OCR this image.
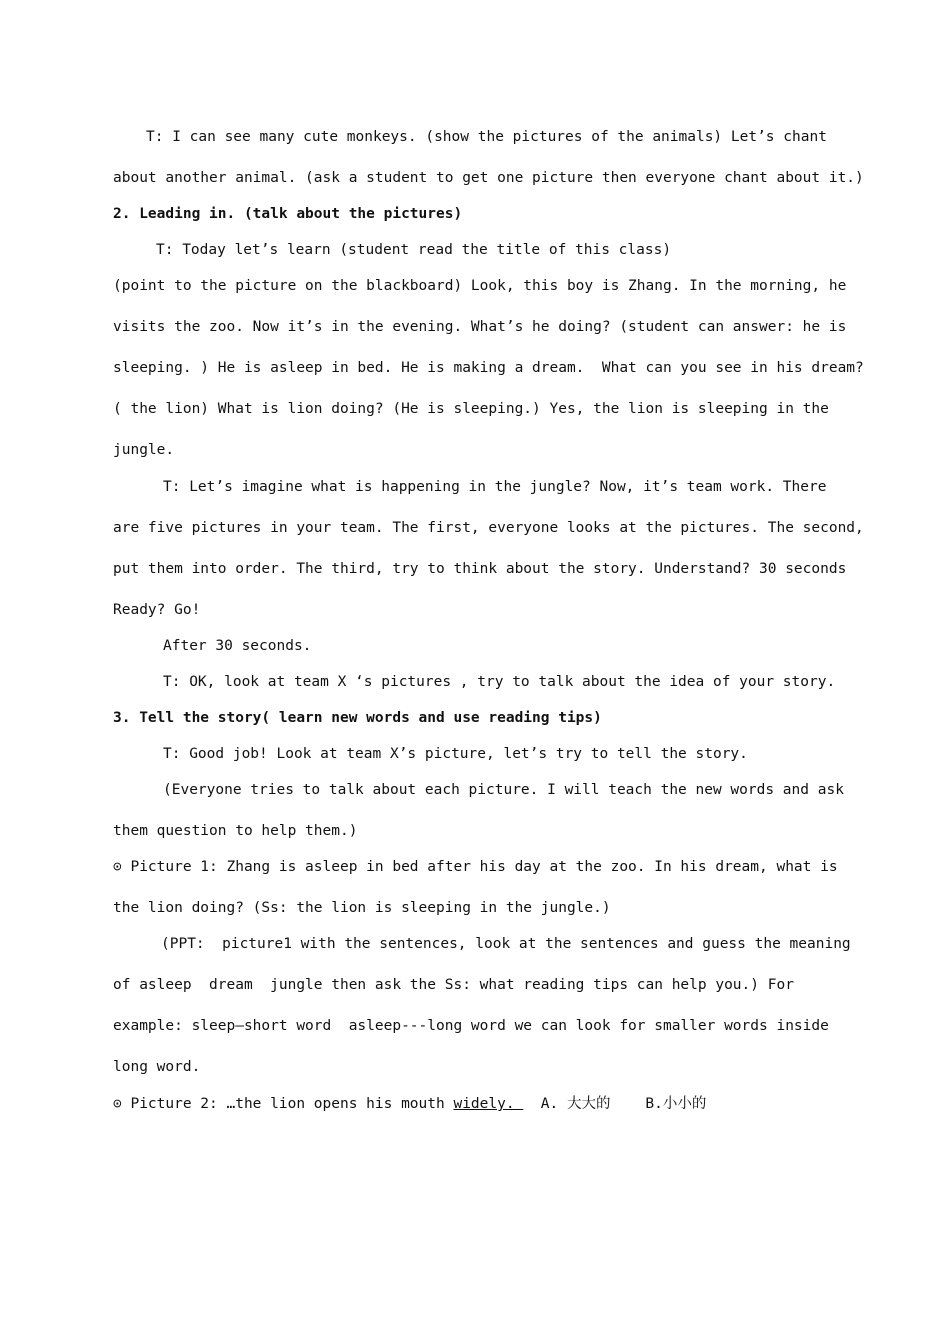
T: I can see many cute monkeys. (show the pictures of the animals) Let’s chant
about another animal. (ask a student to get one picture then everyone chant about it.)
2. Leading in. (talk about the pictures)
T: Today let’s learn (student read the title of this class)
(point to the picture on the blackboard) Look, this boy is Zhang. In the morning, he
visits the zoo. Now it’s in the evening. What’s he doing? (student can answer: he is
sleeping. ) He is asleep in bed. He is making a dream.  What can you see in his dream?
( the lion) What is lion doing? (He is sleeping.) Yes, the lion is sleeping in the
jungle.
T: Let’s imagine what is happening in the jungle? Now, it’s team work. There
are five pictures in your team. The first, everyone looks at the pictures. The second,
put them into order. The third, try to think about the story. Understand? 30 seconds
Ready? Go!
After 30 seconds.
T: OK, look at team X ‘s pictures , try to talk about the idea of your story.
3. Tell the story( learn new words and use reading tips)
T: Good job! Look at team X’s picture, let’s try to tell the story.
(Everyone tries to talk about each picture. I will teach the new words and ask
them question to help them.)
⊙ Picture 1: Zhang is asleep in bed after his day at the zoo. In his dream, what is
the lion doing? (Ss: the lion is sleeping in the jungle.)
(PPT:  picture1 with the sentences, look at the sentences and guess the meaning
of asleep  dream  jungle then ask the Ss: what reading tips can help you.) For
example: sleep—short word  asleep---long word we can look for smaller words inside
long word.
⊙ Picture 2: …the lion opens his mouth widely.   A. 大大的    B.小小的
